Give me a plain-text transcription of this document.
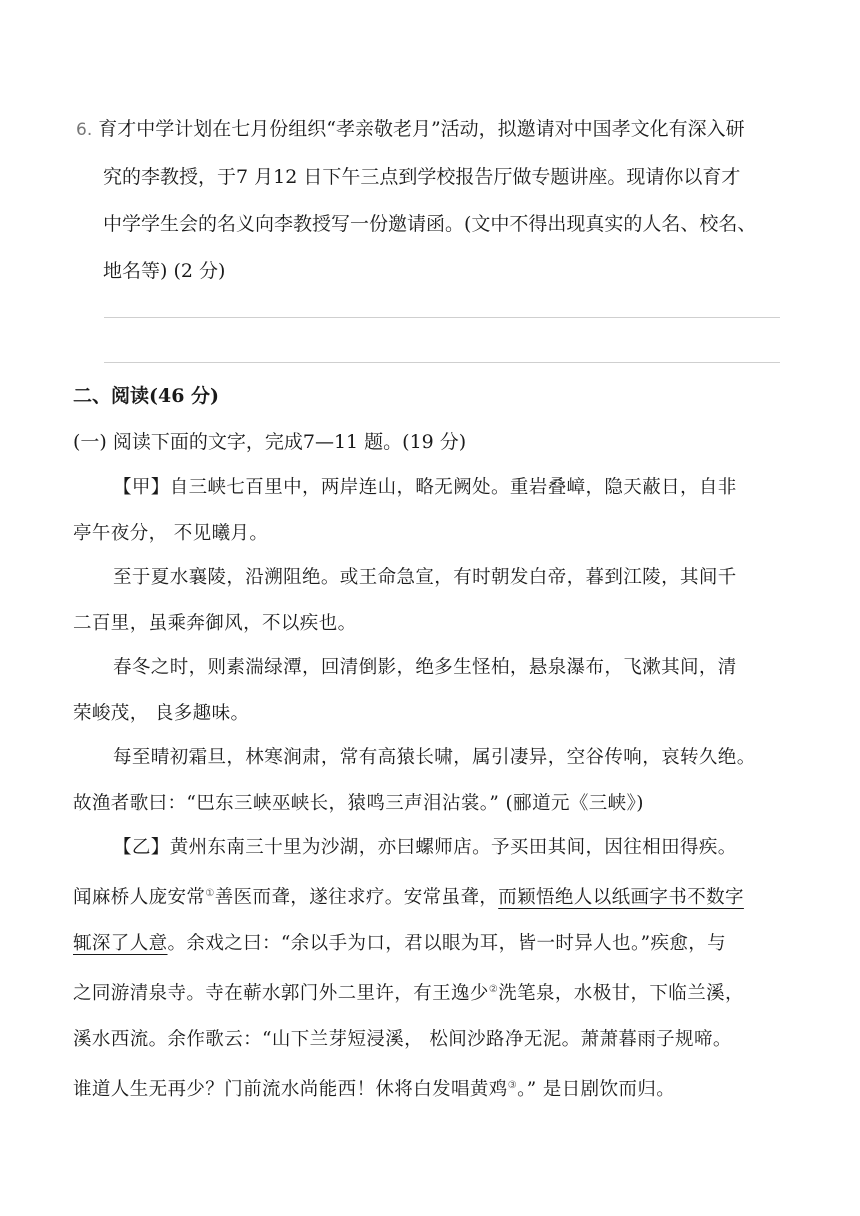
6. 育才中学计划在七月份组织“孝亲敬老月”活动，拟邀请对中国孝文化有深入研
究的李教授，于7 月12 日下午三点到学校报告厅做专题讲座。现请你以育才
中学学生会的名义向李教授写一份邀请函。(文中不得出现真实的人名、校名、
地名等) (2 分)
二、阅读(46 分)
(一) 阅读下面的文字，完成7—11 题。(19 分)
【甲】自三峡七百里中，两岸连山，略无阙处。重岩叠嶂，隐天蔽日，自非
亭午夜分， 不见曦月。
至于夏水襄陵，沿溯阻绝。或王命急宣，有时朝发白帝，暮到江陵，其间千
二百里，虽乘奔御风，不以疾也。
春冬之时，则素湍绿潭，回清倒影，绝多生怪柏，悬泉瀑布，飞漱其间，清
荣峻茂， 良多趣味。
每至晴初霜旦，林寒涧肃，常有高猿长啸，属引凄异，空谷传响，哀转久绝。
故渔者歌曰：“巴东三峡巫峡长，猿鸣三声泪沾裳。” (郦道元《三峡》)
【乙】黄州东南三十里为沙湖，亦曰螺师店。予买田其间，因往相田得疾。
闻麻桥人庞安常①善医而聋，遂往求疗。安常虽聋，而颖悟绝人以纸画字书不数字
辄深了人意。余戏之曰：“余以手为口，君以眼为耳，皆一时异人也。”疾愈，与
之同游清泉寺。寺在蕲水郭门外二里许，有王逸少②洗笔泉，水极甘，下临兰溪，
溪水西流。余作歌云：“山下兰芽短浸溪， 松间沙路净无泥。萧萧暮雨子规啼。
谁道人生无再少？门前流水尚能西！休将白发唱黄鸡③。” 是日剧饮而归。
